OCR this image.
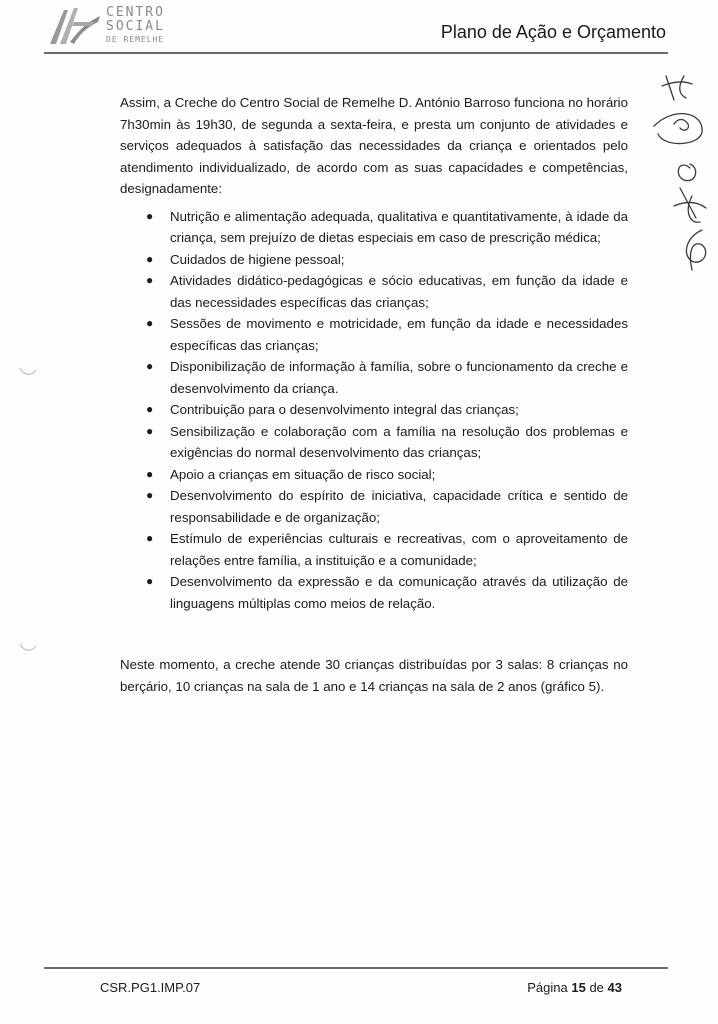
CENTRO
SOCIAL
DE REMELHE	Plano de Ação e Orçamento

Assim, a Creche do Centro Social de Remelhe D. António Barroso funciona no horário 7h30min às 19h30, de segunda a sexta-feira, e presta um conjunto de atividades e serviços adequados à satisfação das necessidades da criança e orientados pelo atendimento individualizado, de acordo com as suas capacidades e competências, designadamente:

● Nutrição e alimentação adequada, qualitativa e quantitativamente, à idade da criança, sem prejuízo de dietas especiais em caso de prescrição médica;
● Cuidados de higiene pessoal;
● Atividades didático-pedagógicas e sócio educativas, em função da idade e das necessidades específicas das crianças;
● Sessões de movimento e motricidade, em função da idade e necessidades específicas das crianças;
● Disponibilização de informação à família, sobre o funcionamento da creche e desenvolvimento da criança.
● Contribuição para o desenvolvimento integral das crianças;
● Sensibilização e colaboração com a família na resolução dos problemas e exigências do normal desenvolvimento das crianças;
● Apoio a crianças em situação de risco social;
● Desenvolvimento do espírito de iniciativa, capacidade crítica e sentido de responsabilidade e de organização;
● Estímulo de experiências culturais e recreativas, com o aproveitamento de relações entre família, a instituição e a comunidade;
● Desenvolvimento da expressão e da comunicação através da utilização de linguagens múltiplas como meios de relação.
Neste momento, a creche atende 30 crianças distribuídas por 3 salas: 8 crianças no berçário, 10 crianças na sala de 1 ano e 14 crianças na sala de 2 anos (gráfico 5).
CSR.PG1.IMP.07	Página 15 de 43
